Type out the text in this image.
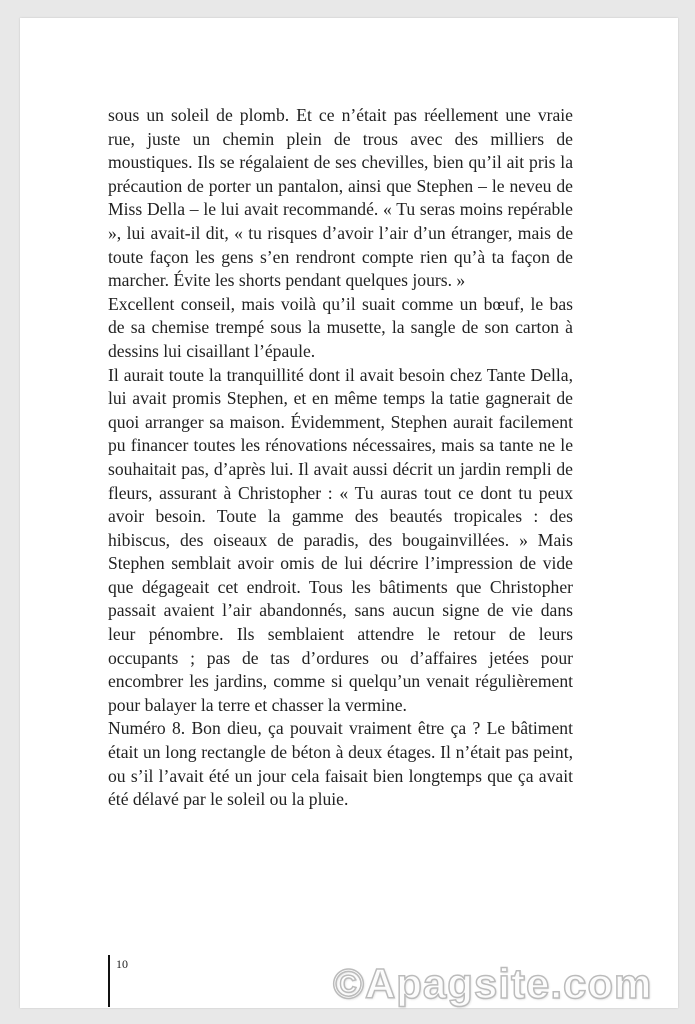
sous un soleil de plomb. Et ce n’était pas réellement une vraie rue, juste un chemin plein de trous avec des milliers de moustiques. Ils se régalaient de ses chevilles, bien qu’il ait pris la précaution de porter un pantalon, ainsi que Stephen – le neveu de Miss Della – le lui avait recommandé. « Tu seras moins repérable », lui avait-il dit, « tu risques d’avoir l’air d’un étranger, mais de toute façon les gens s’en rendront compte rien qu’à ta façon de marcher. Évite les shorts pendant quelques jours. »

Excellent conseil, mais voilà qu’il suait comme un bœuf, le bas de sa chemise trempé sous la musette, la sangle de son carton à dessins lui cisaillant l’épaule.

Il aurait toute la tranquillité dont il avait besoin chez Tante Della, lui avait promis Stephen, et en même temps la tatie gagnerait de quoi arranger sa maison. Évidemment, Stephen aurait facilement pu financer toutes les rénovations nécessaires, mais sa tante ne le souhaitait pas, d’après lui. Il avait aussi décrit un jardin rempli de fleurs, assurant à Christopher : « Tu auras tout ce dont tu peux avoir besoin. Toute la gamme des beautés tropicales : des hibiscus, des oiseaux de paradis, des bougainvillées. » Mais Stephen semblait avoir omis de lui décrire l’impression de vide que dégageait cet endroit. Tous les bâtiments que Christopher passait avaient l’air abandonnés, sans aucun signe de vie dans leur pénombre. Ils semblaient attendre le retour de leurs occupants ; pas de tas d’ordures ou d’affaires jetées pour encombrer les jardins, comme si quelqu’un venait régulièrement pour balayer la terre et chasser la vermine.

Numéro 8. Bon dieu, ça pouvait vraiment être ça ? Le bâtiment était un long rectangle de béton à deux étages. Il n’était pas peint, ou s’il l’avait été un jour cela faisait bien longtemps que ça avait été délavé par le soleil ou la pluie.

10	©Apagsite.com
